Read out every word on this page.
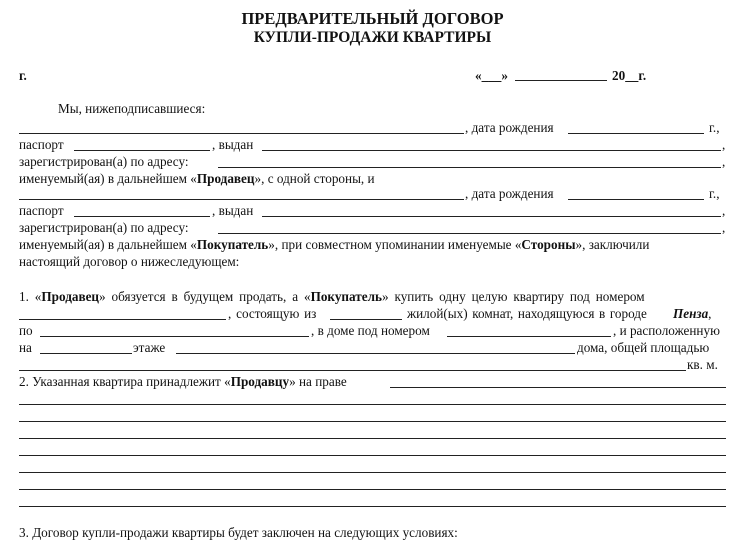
ПРЕДВАРИТЕЛЬНЫЙ ДОГОВОР
КУПЛИ-ПРОДАЖИ КВАРТИРЫ
г.	«___»	20__г.
Мы, нижеподписавшиеся:
, дата рождения	г.,
паспорт	, выдан	,
зарегистрирован(а) по адресу:	,
именуемый(ая) в дальнейшем «Продавец», с одной стороны, и
, дата рождения	г.,
паспорт	, выдан	,
зарегистрирован(а) по адресу:	,
именуемый(ая) в дальнейшем «Покупатель», при совместном упоминании именуемые «Стороны», заключили
настоящий договор о нижеследующем:
1. «Продавец» обязуется в будущем продать, а «Покупатель» купить одну целую квартиру под номером
, состоящую из	жилой(ых) комнат, находящуюся в городе Пенза,
по	, в доме под номером	, и расположенную
на	этаже	дома, общей площадью
кв. м.
2. Указанная квартира принадлежит «Продавцу» на праве
3. Договор купли-продажи квартиры будет заключен на следующих условиях:
